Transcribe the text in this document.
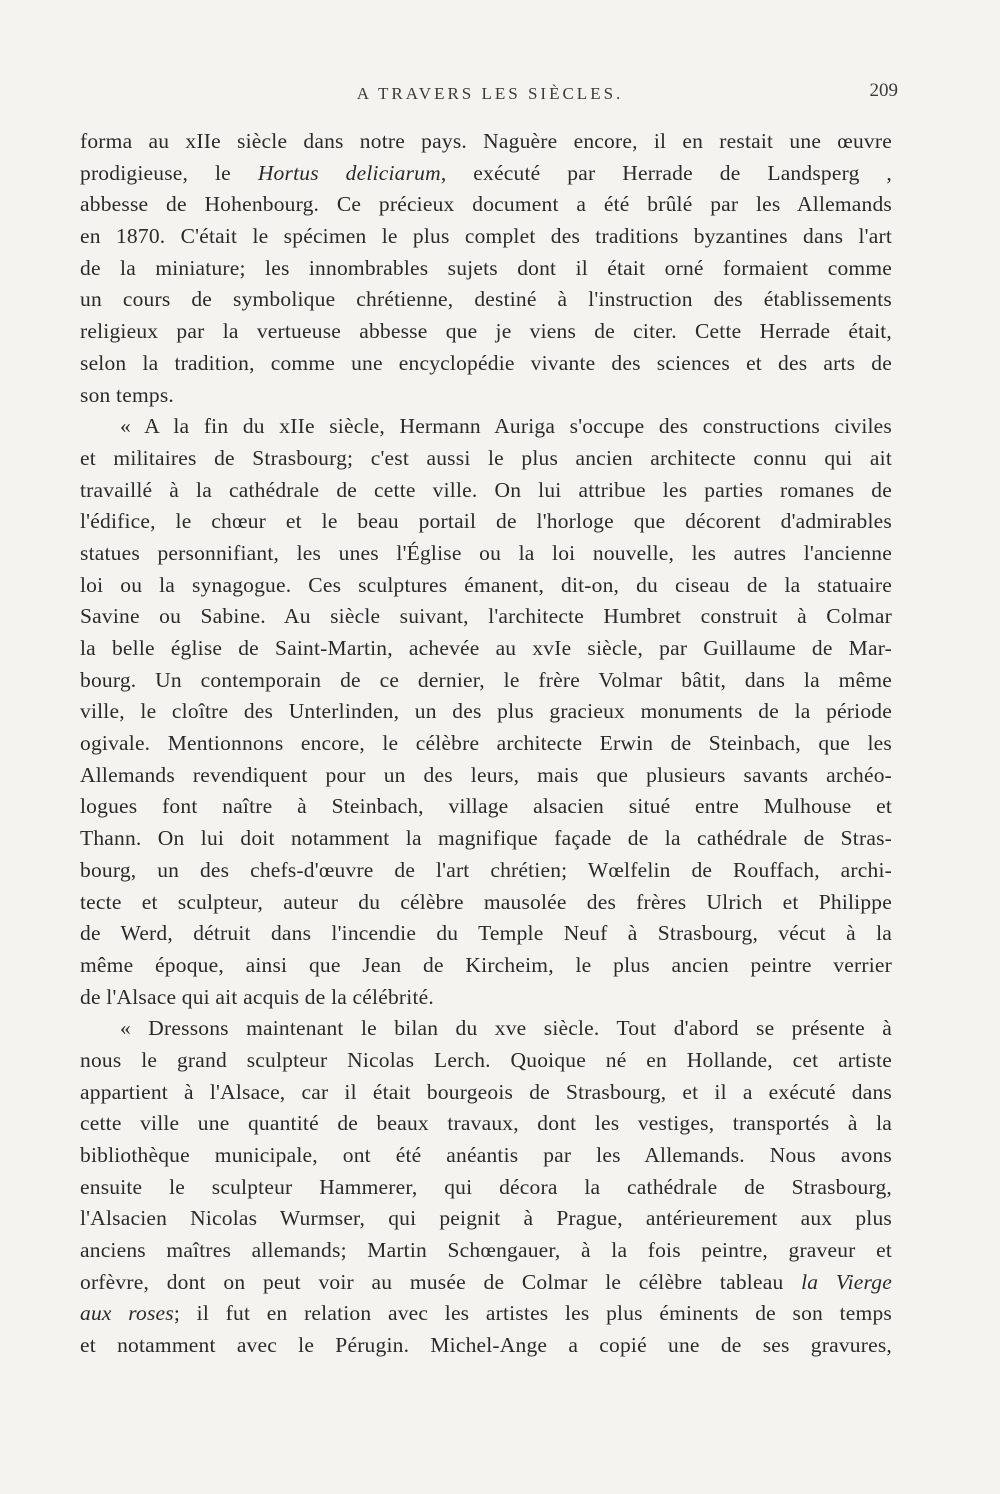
A TRAVERS LES SIÈCLES.	209
forma au xIIe siècle dans notre pays. Naguère encore, il en restait une œuvre
prodigieuse, le Hortus deliciarum, exécuté par Herrade de Landsperg ,
abbesse de Hohenbourg. Ce précieux document a été brûlé par les Allemands
en 1870. C'était le spécimen le plus complet des traditions byzantines dans l'art
de la miniature; les innombrables sujets dont il était orné formaient comme
un cours de symbolique chrétienne, destiné à l'instruction des établissements
religieux par la vertueuse abbesse que je viens de citer. Cette Herrade était,
selon la tradition, comme une encyclopédie vivante des sciences et des arts de
son temps.
« A la fin du xIIe siècle, Hermann Auriga s'occupe des constructions civiles
et militaires de Strasbourg; c'est aussi le plus ancien architecte connu qui ait
travaillé à la cathédrale de cette ville. On lui attribue les parties romanes de
l'édifice, le chœur et le beau portail de l'horloge que décorent d'admirables
statues personnifiant, les unes l'Église ou la loi nouvelle, les autres l'ancienne
loi ou la synagogue. Ces sculptures émanent, dit-on, du ciseau de la statuaire
Savine ou Sabine. Au siècle suivant, l'architecte Humbret construit à Colmar
la belle église de Saint-Martin, achevée au xvIe siècle, par Guillaume de Mar-
bourg. Un contemporain de ce dernier, le frère Volmar bâtit, dans la même
ville, le cloître des Unterlinden, un des plus gracieux monuments de la période
ogivale. Mentionnons encore, le célèbre architecte Erwin de Steinbach, que les
Allemands revendiquent pour un des leurs, mais que plusieurs savants archéo-
logues font naître à Steinbach, village alsacien situé entre Mulhouse et
Thann. On lui doit notamment la magnifique façade de la cathédrale de Stras-
bourg, un des chefs-d'œuvre de l'art chrétien; Wœlfelin de Rouffach, archi-
tecte et sculpteur, auteur du célèbre mausolée des frères Ulrich et Philippe
de Werd, détruit dans l'incendie du Temple Neuf à Strasbourg, vécut à la
même époque, ainsi que Jean de Kircheim, le plus ancien peintre verrier
de l'Alsace qui ait acquis de la célébrité.
« Dressons maintenant le bilan du xve siècle. Tout d'abord se présente à
nous le grand sculpteur Nicolas Lerch. Quoique né en Hollande, cet artiste
appartient à l'Alsace, car il était bourgeois de Strasbourg, et il a exécuté dans
cette ville une quantité de beaux travaux, dont les vestiges, transportés à la
bibliothèque municipale, ont été anéantis par les Allemands. Nous avons
ensuite le sculpteur Hammerer, qui décora la cathédrale de Strasbourg,
l'Alsacien Nicolas Wurmser, qui peignit à Prague, antérieurement aux plus
anciens maîtres allemands; Martin Schœngauer, à la fois peintre, graveur et
orfèvre, dont on peut voir au musée de Colmar le célèbre tableau la Vierge
aux roses; il fut en relation avec les artistes les plus éminents de son temps
et notamment avec le Pérugin. Michel-Ange a copié une de ses gravures,
